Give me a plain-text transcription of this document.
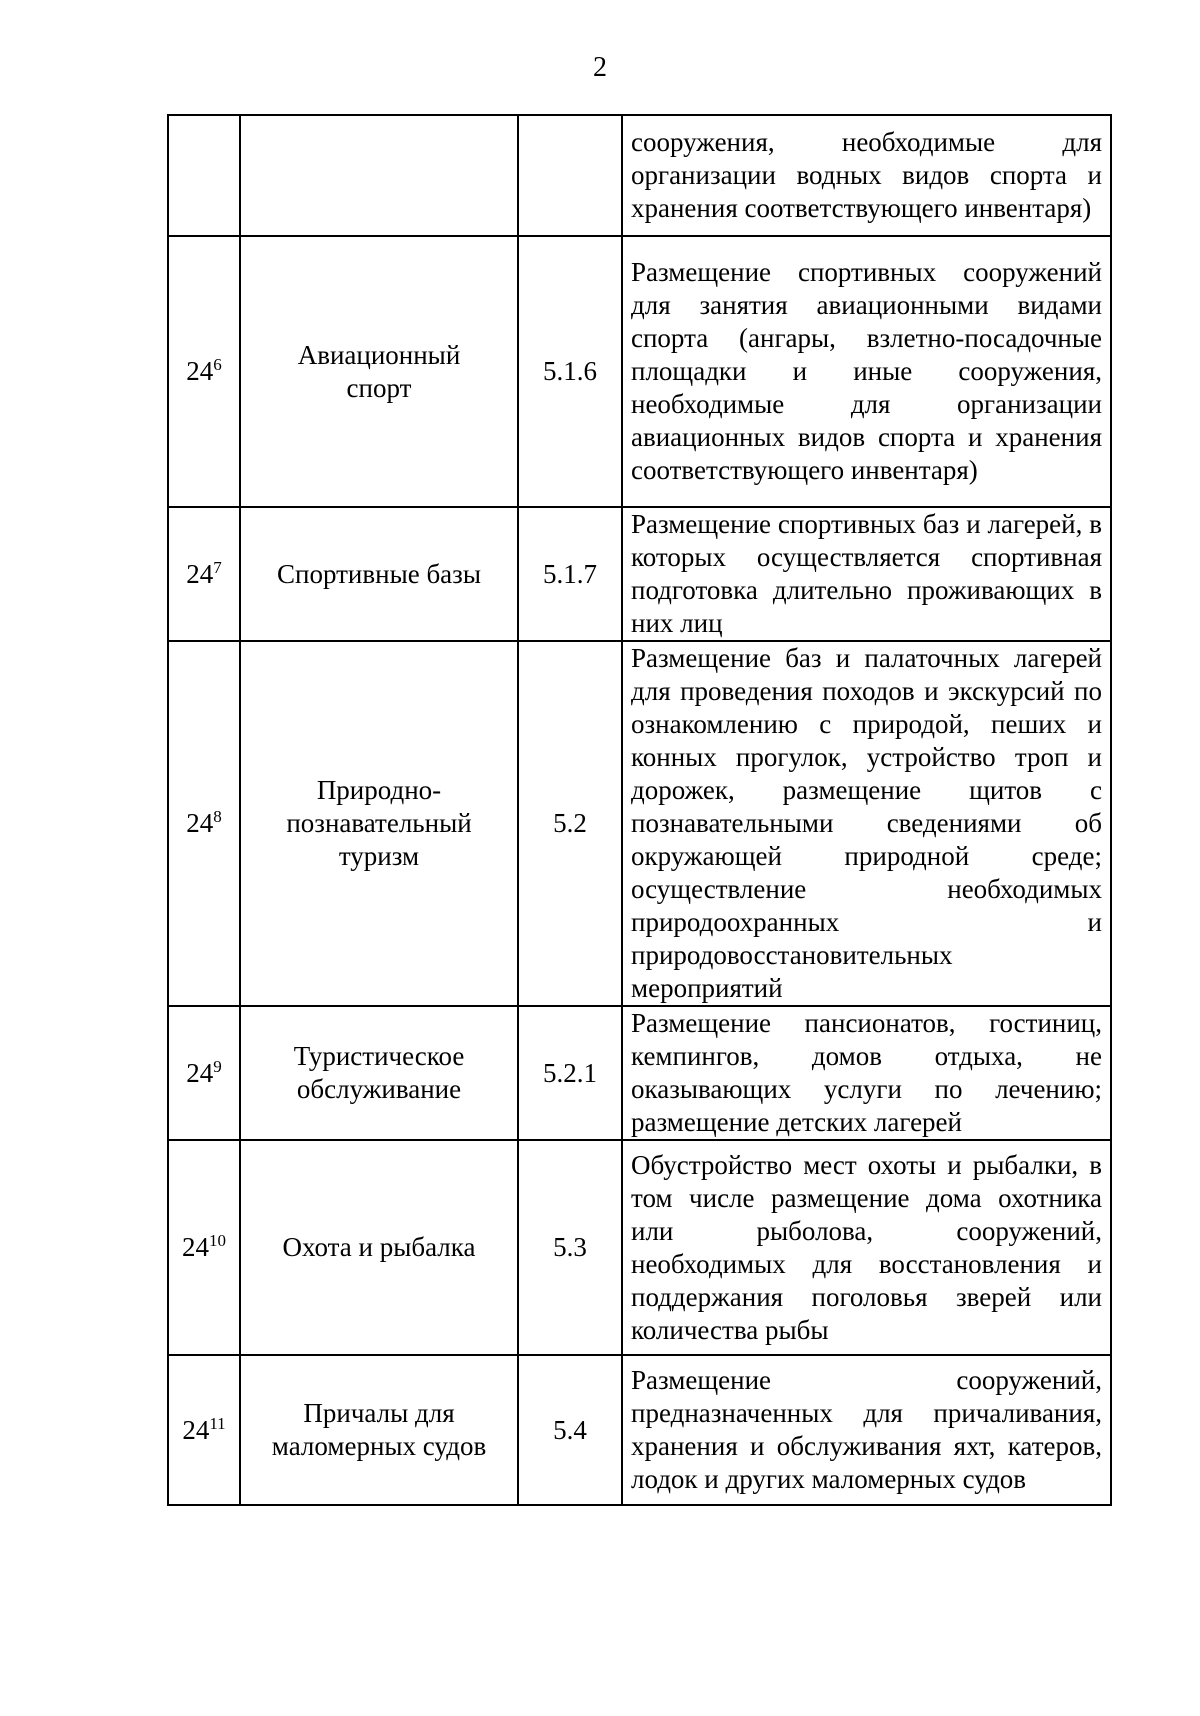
2
			сооружения, необходимые для организации водных видов спорта и хранения соответствующего инвентаря)
$24^6$	Авиационный спорт	5.1.6	Размещение спортивных сооружений для занятия авиационными видами спорта (ангары, взлетно-посадочные площадки и иные сооружения, необходимые для организации авиационных видов спорта и хранения соответствующего инвентаря)
$24^7$	Спортивные базы	5.1.7	Размещение спортивных баз и лагерей, в которых осуществляется спортивная подготовка длительно проживающих в них лиц
$24^8$	Природно-познавательный туризм	5.2	Размещение баз и палаточных лагерей для проведения походов и экскурсий по ознакомлению с природой, пеших и конных прогулок, устройство троп и дорожек, размещение щитов с познавательными сведениями об окружающей природной среде; осуществление необходимых природоохранных и природовосстановительных мероприятий
$24^9$	Туристическое обслуживание	5.2.1	Размещение пансионатов, гостиниц, кемпингов, домов отдыха, не оказывающих услуги по лечению; размещение детских лагерей
$24^{10}$	Охота и рыбалка	5.3	Обустройство мест охоты и рыбалки, в том числе размещение дома охотника или рыболова, сооружений, необходимых для восстановления и поддержания поголовья зверей или количества рыбы
$24^{11}$	Причалы для маломерных судов	5.4	Размещение сооружений, предназначенных для причаливания, хранения и обслуживания яхт, катеров, лодок и других маломерных судов
